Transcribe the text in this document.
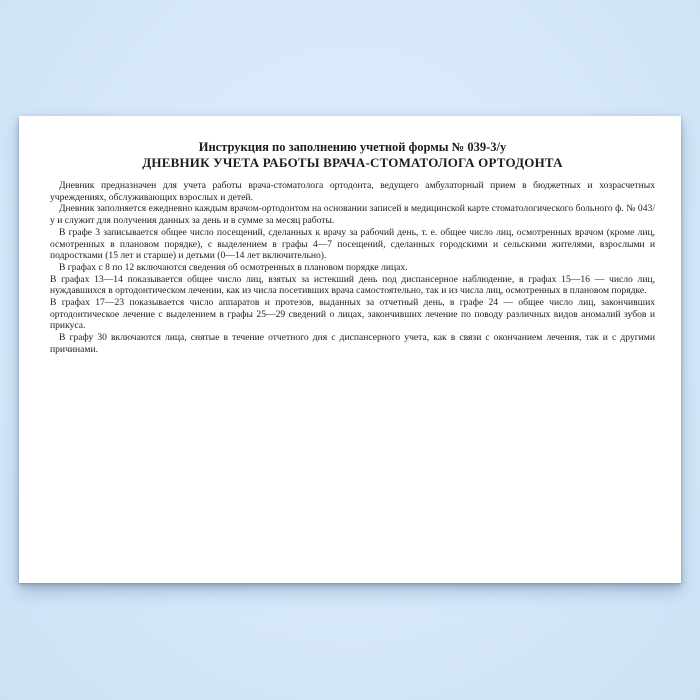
Инструкция по заполнению учетной формы № 039-3/у

ДНЕВНИК УЧЕТА РАБОТЫ ВРАЧА-СТОМАТОЛОГА ОРТОДОНТА

Дневник предназначен для учета работы врача-стоматолога ортодонта, ведущего амбулаторный прием в бюджетных и хозрасчетных учреждениях, обслуживающих взрослых и детей.

Дневник заполняется ежедневно каждым врачом-ортодонтом на основании записей в медицинской карте стоматологического больного ф. № 043/у и служит для получения данных за день и в сумме за месяц работы.

В графе 3 записывается общее число посещений, сделанных к врачу за рабочий день, т. е. общее число лиц, осмотренных врачом (кроме лиц, осмотренных в плановом порядке), с выделением в графы 4—7 посещений, сделанных городскими и сельскими жителями, взрослыми и подростками (15 лет и старше) и детьми (0—14 лет включительно).

В графах с 8 по 12 включаются сведения об осмотренных в плановом порядке лицах.

В графах 13—14 показывается общее число лиц, взятых за истекший день под диспансерное наблюдение, в графах 15—16 — число лиц, нуждавшихся в ортодонтическом лечении, как из числа посетивших врача самостоятельно, так и из числа лиц, осмотренных в плановом порядке.

В графах 17—23 показывается число аппаратов и протезов, выданных за отчетный день, в графе 24 — общее число лиц, закончивших ортодонтическое лечение с выделением в графы 25—29 сведений о лицах, закончивших лечение по поводу различных видов аномалий зубов и прикуса.

В графу 30 включаются лица, снятые в течение отчетного дня с диспансерного учета, как в связи с окончанием лечения, так и с другими причинами.
